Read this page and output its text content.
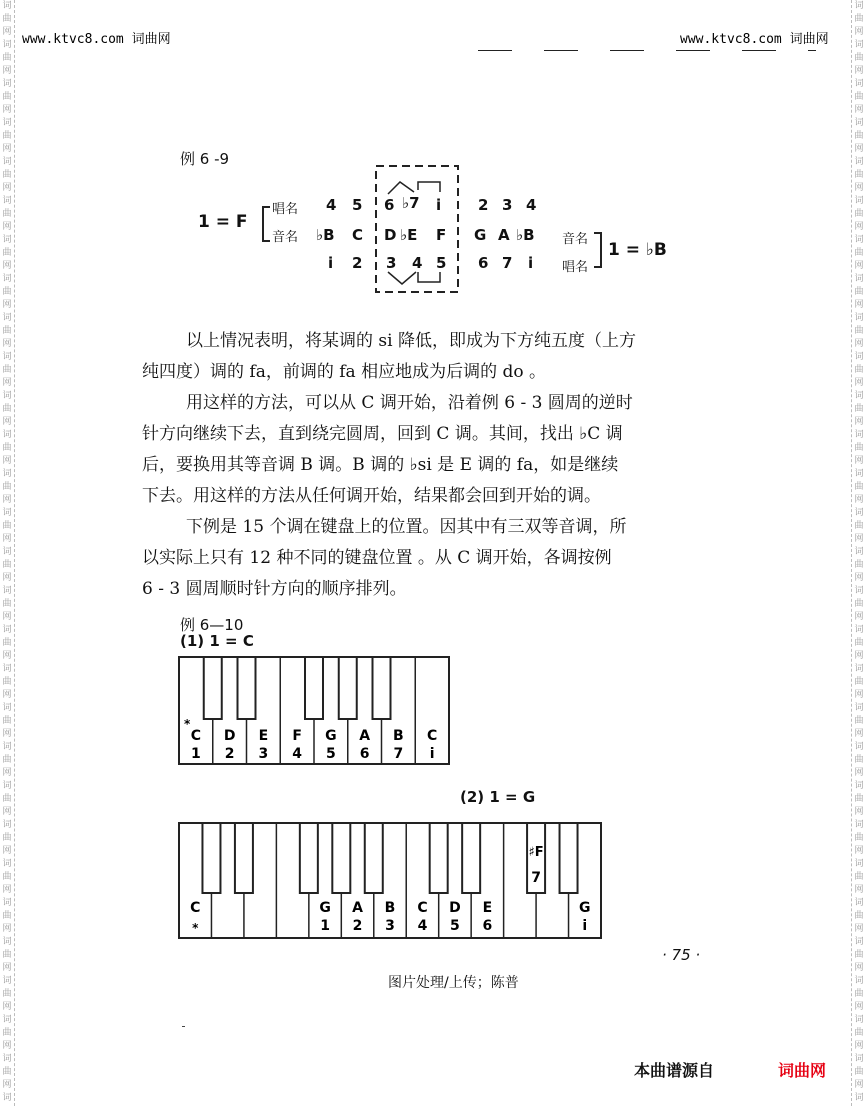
词
曲
网
词
曲
网
词
曲
网
词
曲
网
词
曲
网
词
曲
网
词
曲
网
词
曲
网
词
曲
网
词
曲
网
词
曲
网
词
曲
网
词
曲
网
词
曲
网
词
曲
网
词
曲
网
词
曲
网
词
曲
网
词
曲
网
词
曲
网
词
曲
网
词
曲
网
词
曲
网
词
曲
网
词
曲
网
词
曲
网
词
曲
网
词
曲
网
词
词
曲
网
词
曲
网
词
曲
网
词
曲
网
词
曲
网
词
曲
网
词
曲
网
词
曲
网
词
曲
网
词
曲
网
词
曲
网
词
曲
网
词
曲
网
词
曲
网
词
曲
网
词
曲
网
词
曲
网
词
曲
网
词
曲
网
词
曲
网
词
曲
网
词
曲
网
词
曲
网
词
曲
网
词
曲
网
词
曲
网
词
曲
网
词
曲
网
词
www.ktvc8.com 词曲网	www.ktvc8.com 词曲网
例 6 -9
1 = F
唱名
音名
4 5 6 ♭7 i 2 3 4
♭B C D ♭E F G A ♭B
i 2 3 4 5 6 7 i
音名
唱名
1 = ♭B
以上情况表明，将某调的 si 降低，即成为下方纯五度（上方
纯四度）调的 fa，前调的 fa 相应地成为后调的 do 。
用这样的方法，可以从 C 调开始，沿着例 6 - 3 圆周的逆时
针方向继续下去，直到绕完圆周，回到 C 调。其间，找出 ♭C 调
后，要换用其等音调 B 调。B 调的 ♭si 是 E 调的 fa，如是继续
下去。用这样的方法从任何调开始，结果都会回到开始的调。
下例是 15 个调在键盘上的位置。因其中有三双等音调，所
以实际上只有 12 种不同的键盘位置 。从 C 调开始，各调按例
6 - 3 圆周顺时针方向的顺序排列。
例 6—10
(1) 1 = C
C
1
D
2
E
3
F
4
G
5
A
6
B
7
C
i
*
(2) 1 = G
C
*
G
1
A
2
B
3
C
4
D
5
E
6
G
i
♯F
7
· 75 ·
图片处理/上传；陈普
本曲谱源自	词曲网
